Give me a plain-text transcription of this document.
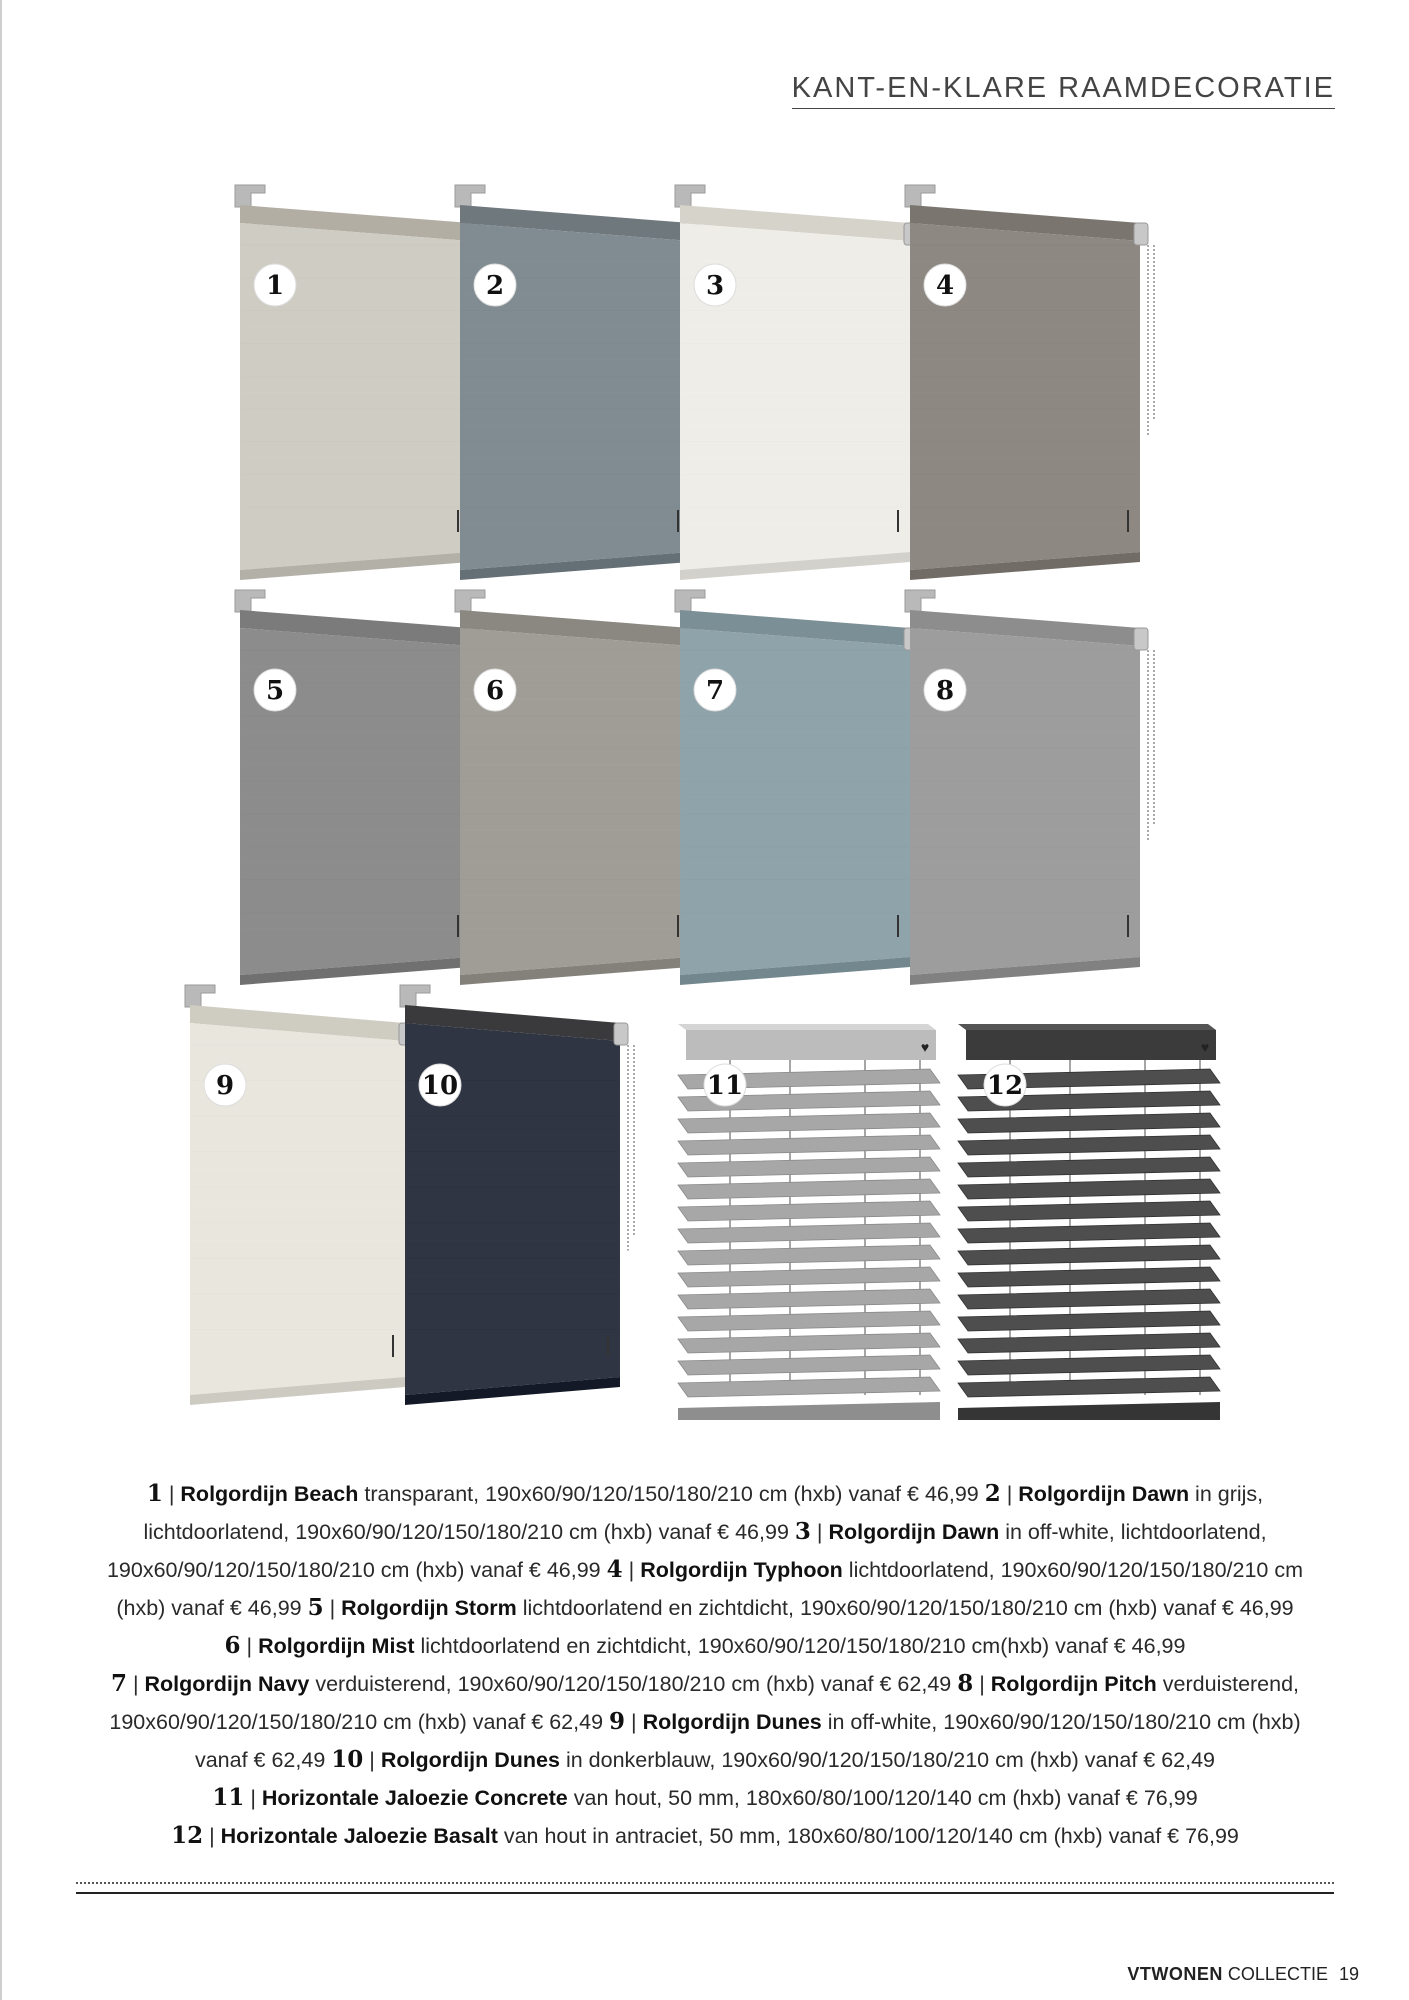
KANT-EN-KLARE RAAMDECORATIE
1	2	3	4
5	6	7	8
9	10
♥
11
♥
12
1 | Rolgordijn Beach transparant, 190x60/90/120/150/180/210 cm (hxb) vanaf € 46,99 2 | Rolgordijn Dawn in grijs,
lichtdoorlatend, 190x60/90/120/150/180/210 cm (hxb) vanaf € 46,99 3 | Rolgordijn Dawn in off-white, lichtdoorlatend,
190x60/90/120/150/180/210 cm (hxb) vanaf € 46,99 4 | Rolgordijn Typhoon lichtdoorlatend, 190x60/90/120/150/180/210 cm
(hxb) vanaf € 46,99 5 | Rolgordijn Storm lichtdoorlatend en zichtdicht, 190x60/90/120/150/180/210 cm (hxb) vanaf € 46,99
6 | Rolgordijn Mist lichtdoorlatend en zichtdicht, 190x60/90/120/150/180/210 cm(hxb) vanaf € 46,99
7 | Rolgordijn Navy verduisterend, 190x60/90/120/150/180/210 cm (hxb) vanaf € 62,49 8 | Rolgordijn Pitch verduisterend,
190x60/90/120/150/180/210 cm (hxb) vanaf € 62,49 9 | Rolgordijn Dunes in off-white, 190x60/90/120/150/180/210 cm (hxb)
vanaf € 62,49 10 | Rolgordijn Dunes in donkerblauw, 190x60/90/120/150/180/210 cm (hxb) vanaf € 62,49
11 | Horizontale Jaloezie Concrete van hout, 50 mm, 180x60/80/100/120/140 cm (hxb) vanaf € 76,99
12 | Horizontale Jaloezie Basalt van hout in antraciet, 50 mm, 180x60/80/100/120/140 cm (hxb) vanaf € 76,99
VTWONEN COLLECTIE 19
